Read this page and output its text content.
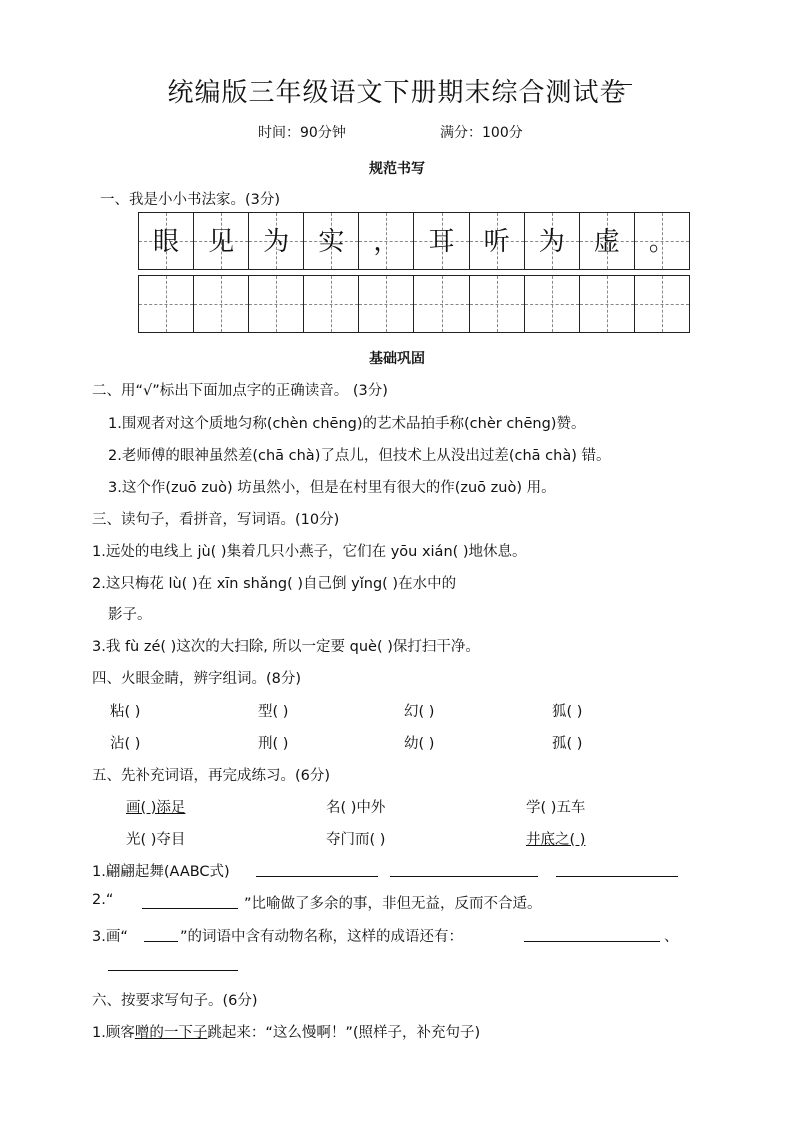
统编版三年级语文下册期末综合测试卷
时间：90分钟	满分：100分
规范书写
一、我是小小书法家。(3分)
眼	见	为	实	，	耳	听	为	虚	。
基础巩固
二、用“√”标出下面加点字的正确读音。 (3分)
1.围观者对这个质地匀称(chèn chēng)的艺术品拍手称(chèr chēng)赞。
2.老师傅的眼神虽然差(chā chà)了点儿，但技术上从没出过差(chā chà) 错。
3.这个作(zuō zuò) 坊虽然小，但是在村里有很大的作(zuō zuò) 用。
三、读句子，看拼音，写词语。(10分)
1.远处的电线上 jù( )集着几只小燕子，它们在 yōu xián( )地休息。
2.这只梅花 lù( )在 xīn shǎng( )自己倒 yǐng( )在水中的
影子。
3.我 fù zé( )这次的大扫除, 所以一定要 què( )保打扫干净。
四、火眼金睛，辨字组词。(8分)
粘( )	型( )	幻( )	狐( )
沾( )	刑( )	幼( )	孤( )
五、先补充词语，再完成练习。(6分)
画( )添足	名( )中外	学( )五车
光( )夺目	夺门而( )	井底之( )
1.翩翩起舞(AABC式)
2.“	”比喻做了多余的事，非但无益，反而不合适。
3.画“	”的词语中含有动物名称，这样的成语还有：	、
六、按要求写句子。(6分)
1.顾客噌的一下子跳起来：“这么慢啊！”(照样子，补充句子)
